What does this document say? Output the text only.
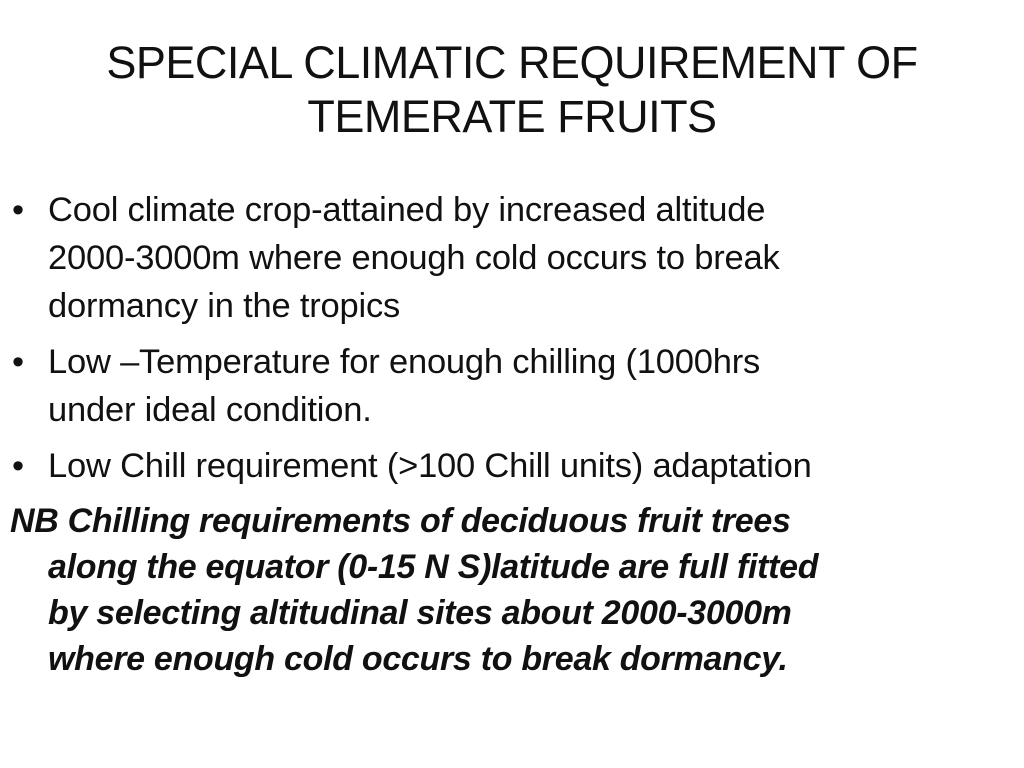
SPECIAL CLIMATIC REQUIREMENT OF
TEMERATE FRUITS
• Cool climate crop-attained by increased altitude
2000-3000m where enough cold occurs to break
dormancy in the tropics
• Low –Temperature for enough chilling (1000hrs
under ideal condition.
• Low Chill requirement (>100 Chill units) adaptation

NB Chilling requirements of deciduous fruit trees
along the equator (0-15 N S)latitude are full fitted
by selecting altitudinal sites about 2000-3000m
where enough cold occurs to break dormancy.
